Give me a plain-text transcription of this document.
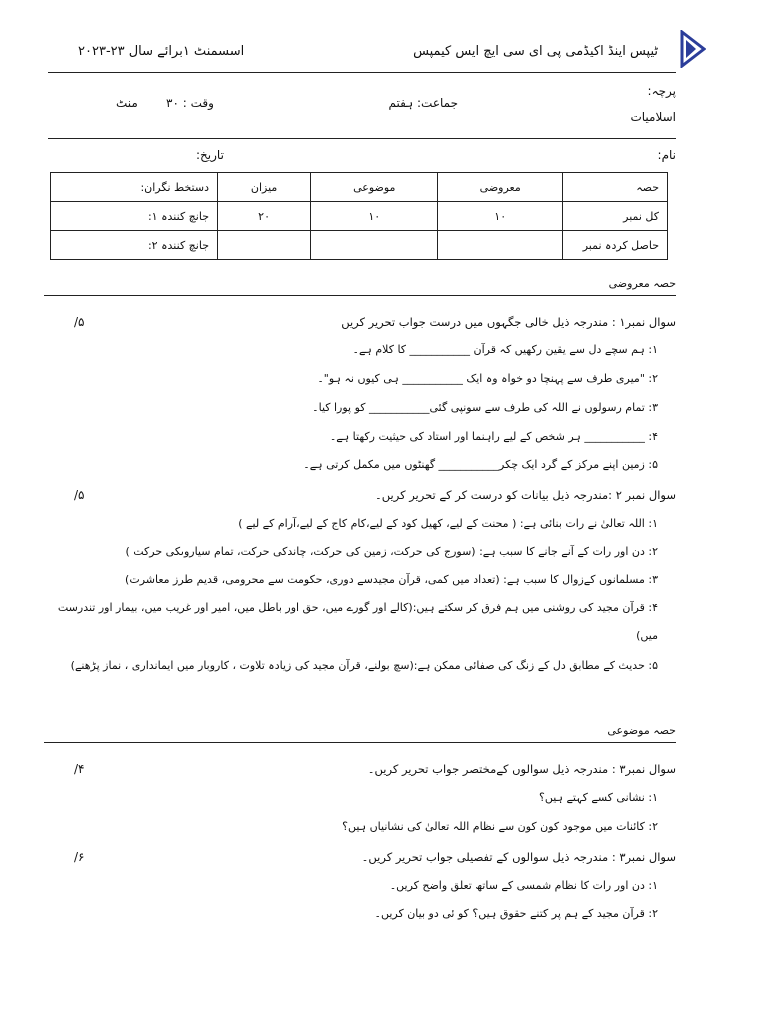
ٹیپس اینڈ اکیڈمی پی ای سی ایچ ایس کیمپس
اسسمنٹ ۱برائے سال ۲۳-۲۰۲۳
پرچہ:
اسلامیات
جماعت: ہفتم
وقت : ۳۰
منٹ
نام:
تاریخ:
حصہ	معروضی	موضوعی	میزان	دستخط نگران:
کل نمبر	۱۰	۱۰	۲۰	جانچ کنندہ ۱:
حاصل کردہ نمبر				جانچ کنندہ ۲:
حصہ معروضی
سوال نمبر۱ : مندرجہ ذیل خالی جگہوں میں درست جواب تحریر کریں
/۵
۱: ہم سچے دل سے یقین رکھیں کہ قرآن ___________ کا کلام ہے۔
۲: "میری طرف سے پہنچا دو خواہ وہ ایک ___________ ہی کیوں نہ ہو"۔
۳: تمام رسولوں نے اللہ کی طرف سے سونپی گئی___________ کو پورا کیا۔
۴: ___________ ہر شخص کے لیے راہنما اور استاد کی حیثیت رکھتا ہے۔
۵: زمین اپنے مرکز کے گرد ایک چکر___________ گھنٹوں میں مکمل کرتی ہے۔
سوال نمبر ۲ :مندرجہ ذیل بیانات کو درست کر کے تحریر کریں۔
/۵
۱: اللہ تعالیٰ نے رات بنائی ہے: ( محنت کے لیے، کھیل کود کے لیے،کام کاج کے لیے،آرام کے لیے )
۲: دن اور رات کے آنے جانے کا سبب ہے: (سورج کی حرکت، زمین کی حرکت، چاندکی حرکت، تمام سیاروںکی حرکت )
۳: مسلمانوں کےزوال کا سبب ہے: (تعداد میں کمی، قرآن مجیدسے دوری، حکومت سے محرومی، قدیم طرز معاشرت)
۴: قرآن مجید کی روشنی میں ہم فرق کر سکتے ہیں:(کالے اور گورے میں، حق اور باطل میں، امیر اور غریب میں، بیمار اور تندرست میں)
۵: حدیث کے مطابق دل کے زنگ کی صفائی ممکن ہے:(سچ بولنے، قرآن مجید کی زیادہ تلاوت ، کاروبار میں ایمانداری ، نماز پڑھنے)
حصہ موضوعی
سوال نمبر۳ : مندرجہ ذیل سوالوں کےمختصر جواب تحریر کریں۔
/۴
۱: نشانی کسے کہتے ہیں؟
۲: کائنات میں موجود کون کون سے نظام اللہ تعالیٰ کی نشانیاں ہیں؟
سوال نمبر۳ : مندرجہ ذیل سوالوں کے تفصیلی جواب تحریر کریں۔
/۶
۱: دن اور رات کا نظام شمسی کے ساتھ تعلق واضح کریں۔
۲: قرآن مجید کے ہم پر کتنے حقوق ہیں؟ کو ئی دو بیان کریں۔
